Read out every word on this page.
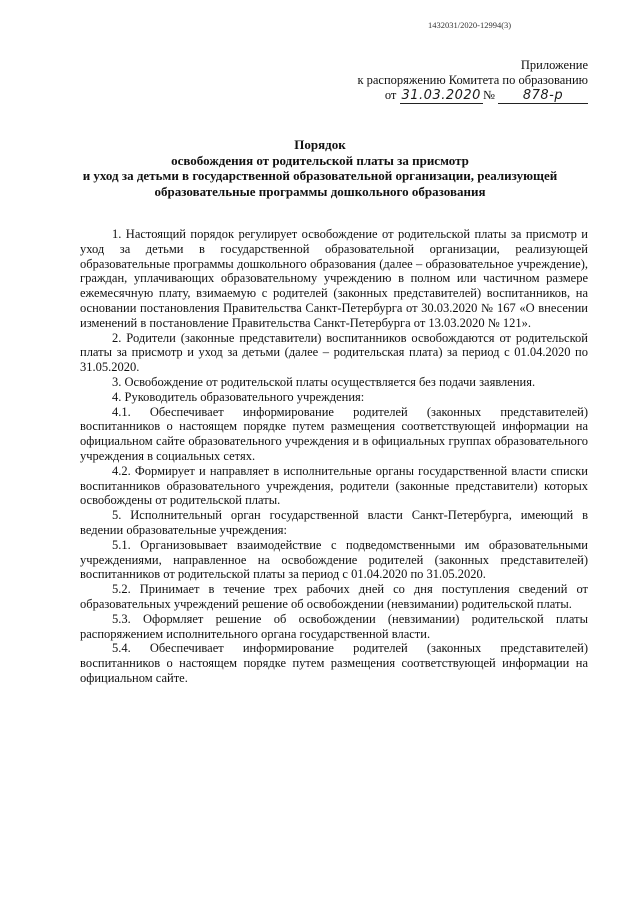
1432031/2020-12994(3)
Приложение
к распоряжению Комитета по образованию
от 31.03.2020 № 878-р
Порядок
освобождения от родительской платы за присмотр
и уход за детьми в государственной образовательной организации, реализующей
образовательные программы дошкольного образования

1. Настоящий порядок регулирует освобождение от родительской платы за присмотр и уход за детьми в государственной образовательной организации, реализующей образовательные программы дошкольного образования (далее – образовательное учреждение), граждан, уплачивающих образовательному учреждению в полном или частичном размере ежемесячную плату, взимаемую с родителей (законных представителей) воспитанников, на основании постановления Правительства Санкт-Петербурга от 30.03.2020 № 167 «О внесении изменений в постановление Правительства Санкт-Петербурга от 13.03.2020 № 121».

2. Родители (законные представители) воспитанников освобождаются от родительской платы за присмотр и уход за детьми (далее – родительская плата) за период с 01.04.2020 по 31.05.2020.

3. Освобождение от родительской платы осуществляется без подачи заявления.

4. Руководитель образовательного учреждения:

4.1. Обеспечивает информирование родителей (законных представителей) воспитанников о настоящем порядке путем размещения соответствующей информации на официальном сайте образовательного учреждения и в официальных группах образовательного учреждения в социальных сетях.

4.2. Формирует и направляет в исполнительные органы государственной власти списки воспитанников образовательного учреждения, родители (законные представители) которых освобождены от родительской платы.

5. Исполнительный орган государственной власти Санкт-Петербурга, имеющий в ведении образовательные учреждения:

5.1. Организовывает взаимодействие с подведомственными им образовательными учреждениями, направленное на освобождение родителей (законных представителей) воспитанников от родительской платы за период с 01.04.2020 по 31.05.2020.

5.2. Принимает в течение трех рабочих дней со дня поступления сведений от образовательных учреждений решение об освобождении (невзимании) родительской платы.

5.3. Оформляет решение об освобождении (невзимании) родительской платы распоряжением исполнительного органа государственной власти.

5.4. Обеспечивает информирование родителей (законных представителей) воспитанников о настоящем порядке путем размещения соответствующей информации на официальном сайте.
